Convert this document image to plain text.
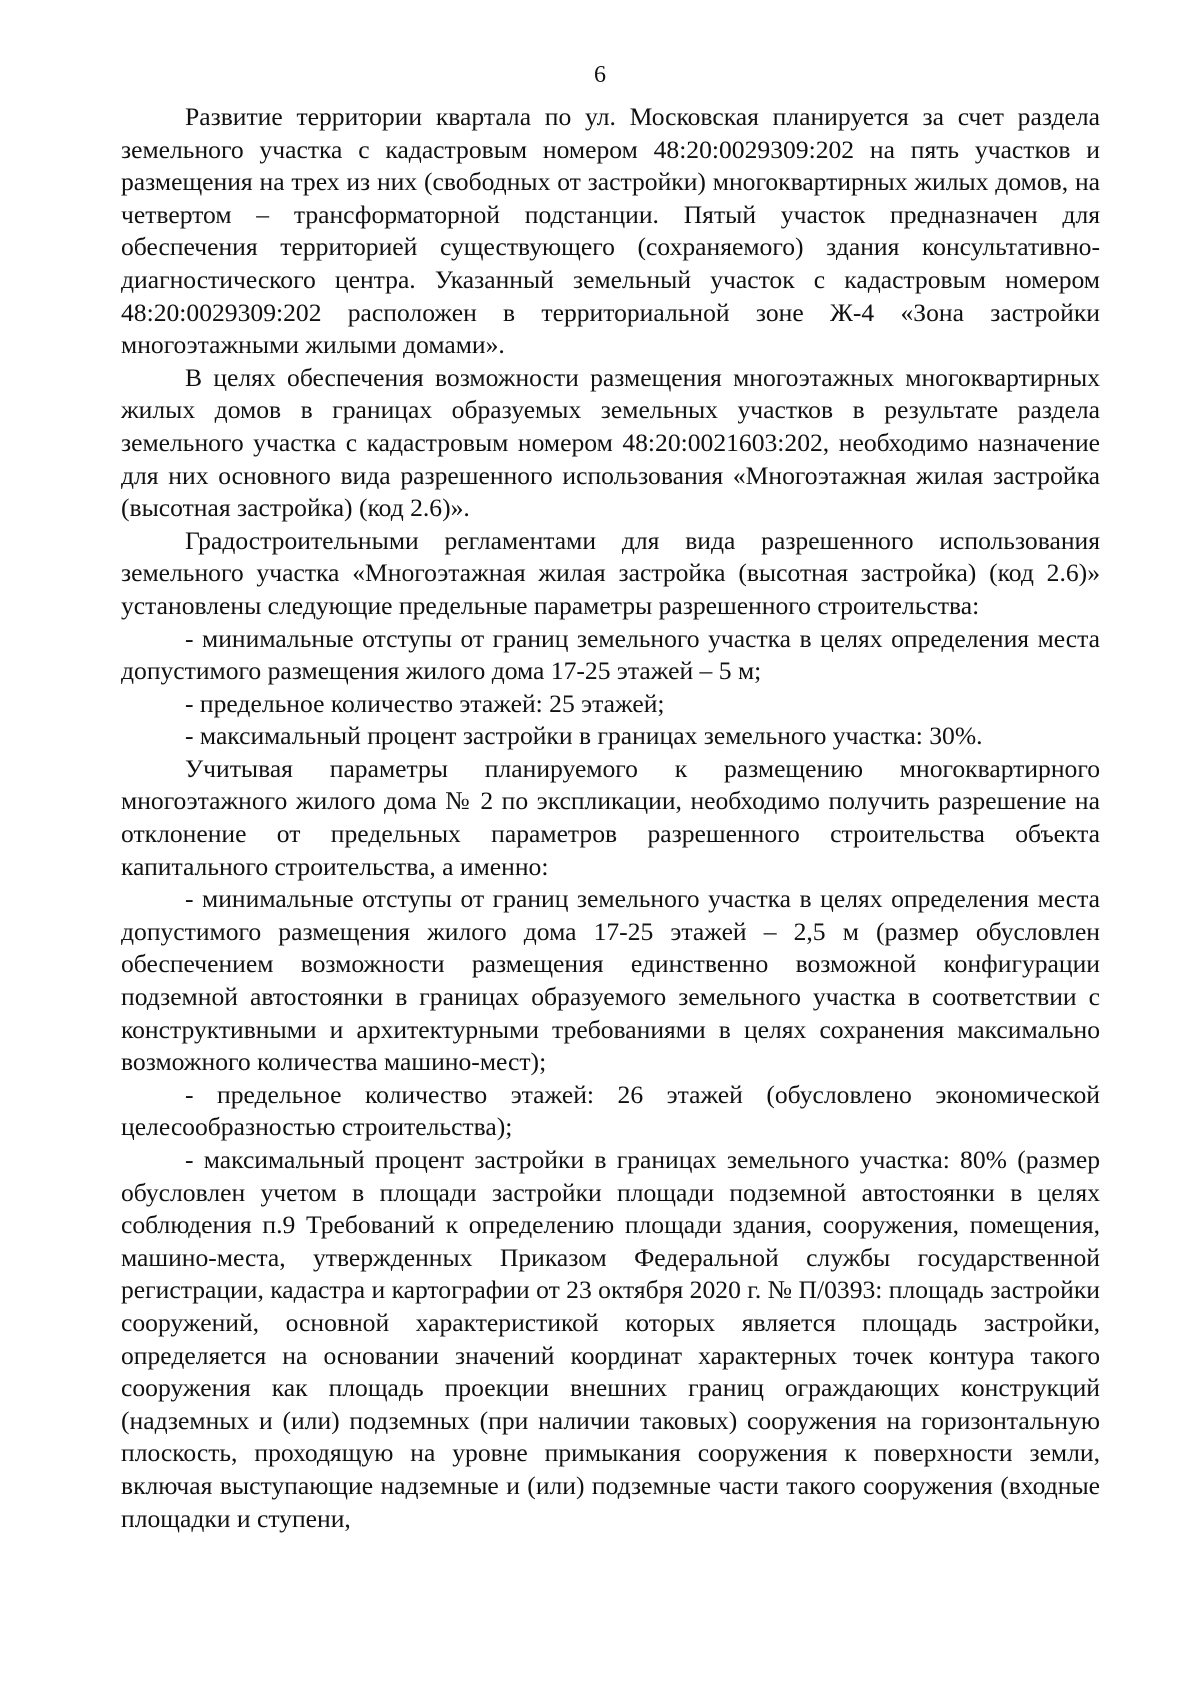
6

Развитие территории квартала по ул. Московская планируется за счет раздела земельного участка с кадастровым номером 48:20:0029309:202 на пять участков и размещения на трех из них (свободных от застройки) многоквартирных жилых домов, на четвертом – трансформаторной подстанции. Пятый участок предназначен для обеспечения территорией существующего (сохраняемого) здания консультативно-диагностического центра. Указанный земельный участок с кадастровым номером 48:20:0029309:202 расположен в территориальной зоне Ж-4 «Зона застройки многоэтажными жилыми домами».

В целях обеспечения возможности размещения многоэтажных многоквартирных жилых домов в границах образуемых земельных участков в результате раздела земельного участка с кадастровым номером 48:20:0021603:202, необходимо назначение для них основного вида разрешенного использования «Многоэтажная жилая застройка (высотная застройка) (код 2.6)».

Градостроительными регламентами для вида разрешенного использования земельного участка «Многоэтажная жилая застройка (высотная застройка) (код 2.6)» установлены следующие предельные параметры разрешенного строительства:

- минимальные отступы от границ земельного участка в целях определения места допустимого размещения жилого дома 17-25 этажей – 5 м;

- предельное количество этажей: 25 этажей;

- максимальный процент застройки в границах земельного участка: 30%.

Учитывая параметры планируемого к размещению многоквартирного многоэтажного жилого дома № 2 по экспликации, необходимо получить разрешение на отклонение от предельных параметров разрешенного строительства объекта капитального строительства, а именно:

- минимальные отступы от границ земельного участка в целях определения места допустимого размещения жилого дома 17-25 этажей – 2,5 м (размер обусловлен обеспечением возможности размещения единственно возможной конфигурации подземной автостоянки в границах образуемого земельного участка в соответствии с конструктивными и архитектурными требованиями в целях сохранения максимально возможного количества машино-мест);

- предельное количество этажей: 26 этажей (обусловлено экономической целесообразностью строительства);

- максимальный процент застройки в границах земельного участка: 80% (размер обусловлен учетом в площади застройки площади подземной автостоянки в целях соблюдения п.9 Требований к определению площади здания, сооружения, помещения, машино-места, утвержденных Приказом Федеральной службы государственной регистрации, кадастра и картографии от 23 октября 2020 г. № П/0393: площадь застройки сооружений, основной характеристикой которых является площадь застройки, определяется на основании значений координат характерных точек контура такого сооружения как площадь проекции внешних границ ограждающих конструкций (надземных и (или) подземных (при наличии таковых) сооружения на горизонтальную плоскость, проходящую на уровне примыкания сооружения к поверхности земли, включая выступающие надземные и (или) подземные части такого сооружения (входные площадки и ступени,
